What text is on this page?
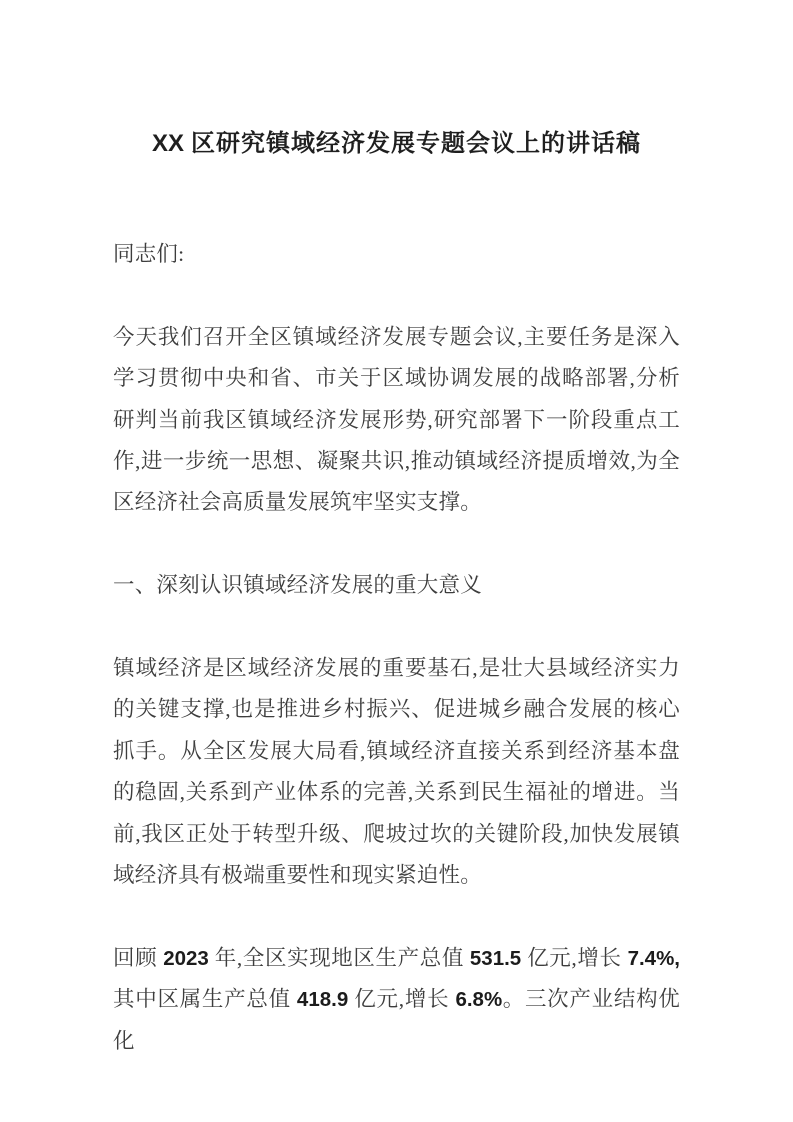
XX 区研究镇域经济发展专题会议上的讲话稿

同志们:

今天我们召开全区镇域经济发展专题会议,主要任务是深入学习贯彻中央和省、市关于区域协调发展的战略部署,分析研判当前我区镇域经济发展形势,研究部署下一阶段重点工作,进一步统一思想、凝聚共识,推动镇域经济提质增效,为全区经济社会高质量发展筑牢坚实支撑。

一、深刻认识镇域经济发展的重大意义

镇域经济是区域经济发展的重要基石,是壮大县域经济实力的关键支撑,也是推进乡村振兴、促进城乡融合发展的核心抓手。从全区发展大局看,镇域经济直接关系到经济基本盘的稳固,关系到产业体系的完善,关系到民生福祉的增进。当前,我区正处于转型升级、爬坡过坎的关键阶段,加快发展镇域经济具有极端重要性和现实紧迫性。

回顾 2023 年,全区实现地区生产总值 531.5 亿元,增长 7.4%,其中区属生产总值 418.9 亿元,增长 6.8%。三次产业结构优化
